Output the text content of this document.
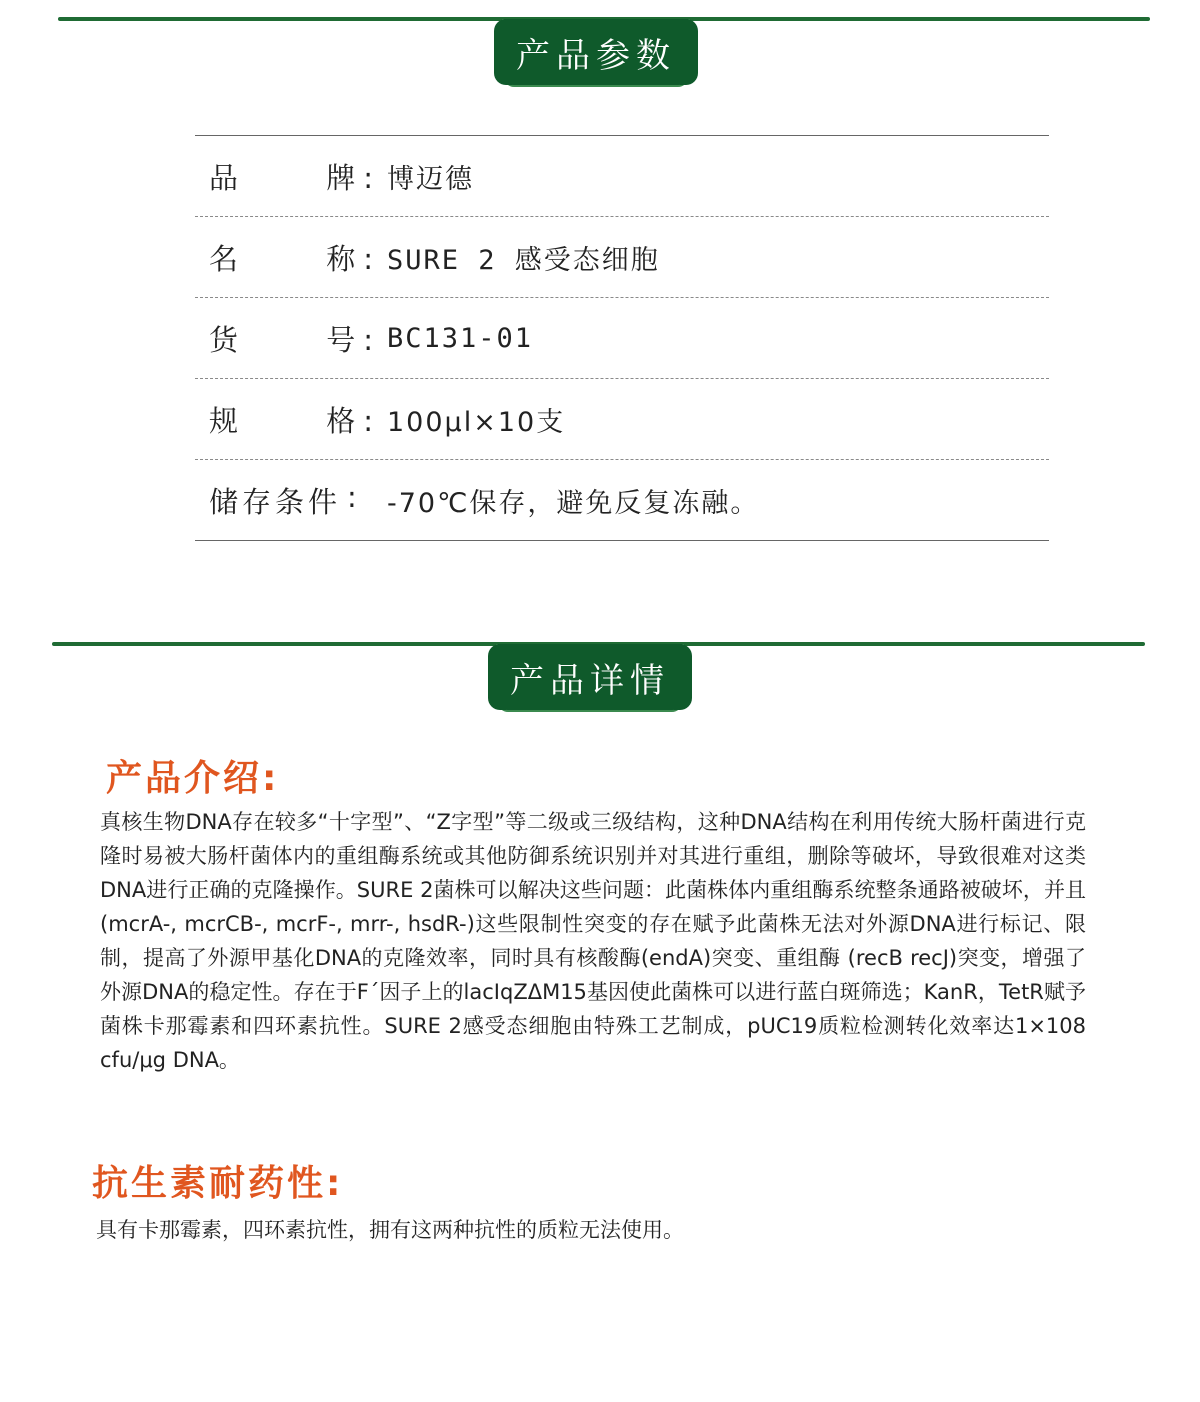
产品参数
品	牌 : 博迈德
名	称 : SURE 2 感受态细胞
货	号 : BC131-01
规	格 : 100μl×10支
储存条件 : -70℃保存，避免反复冻融。
产品详情
产品介绍:
真核生物DNA存在较多“十字型”、“Z字型”等二级或三级结构，这种DNA结构在利用传统大肠杆菌进行克隆时易被大肠杆菌体内的重组酶系统或其他防御系统识别并对其进行重组，删除等破坏，导致很难对这类DNA进行正确的克隆操作。SURE 2菌株可以解决这些问题：此菌株体内重组酶系统整条通路被破坏，并且 (mcrA-, mcrCB-, mcrF-, mrr-, hsdR-)这些限制性突变的存在赋予此菌株无法对外源DNA进行标记、限制，提高了外源甲基化DNA的克隆效率，同时具有核酸酶(endA)突变、重组酶 (recB recJ)突变，增强了外源DNA的稳定性。存在于F´因子上的lacIqZΔM15基因使此菌株可以进行蓝白斑筛选；KanR，TetR赋予菌株卡那霉素和四环素抗性。SURE 2感受态细胞由特殊工艺制成，pUC19质粒检测转化效率达1×108 cfu/μg DNA。
抗生素耐药性:
具有卡那霉素，四环素抗性，拥有这两种抗性的质粒无法使用。
